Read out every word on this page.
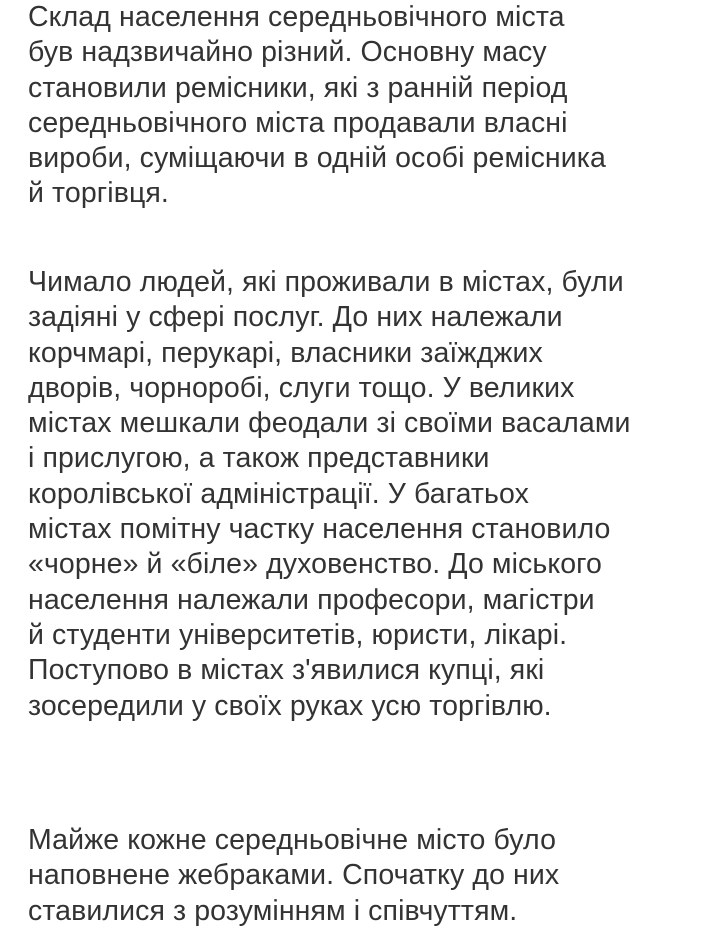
Склад населення середньовічного міста
був надзвичайно різний. Основну масу
становили ремісники, які з ранній період
середньовічного міста продавали власні
вироби, суміщаючи в одній особі ремісника
й торгівця.
Чимало людей, які проживали в містах, були
задіяні у сфері послуг. До них належали
корчмарі, перукарі, власники заїжджих
дворів, чорноробі, слуги тощо. У великих
містах мешкали феодали зі своїми васалами
і прислугою, а також представники
королівської адміністрації. У багатьох
містах помітну частку населення становило
«чорне» й «біле» духовенство. До міського
населення належали професори, магістри
й студенти університетів, юристи, лікарі.
Поступово в містах з'явилися купці, які
зосередили у своїх руках усю торгівлю.
Майже кожне середньовічне місто було
наповнене жебраками. Спочатку до них
ставилися з розумінням і співчуттям.
